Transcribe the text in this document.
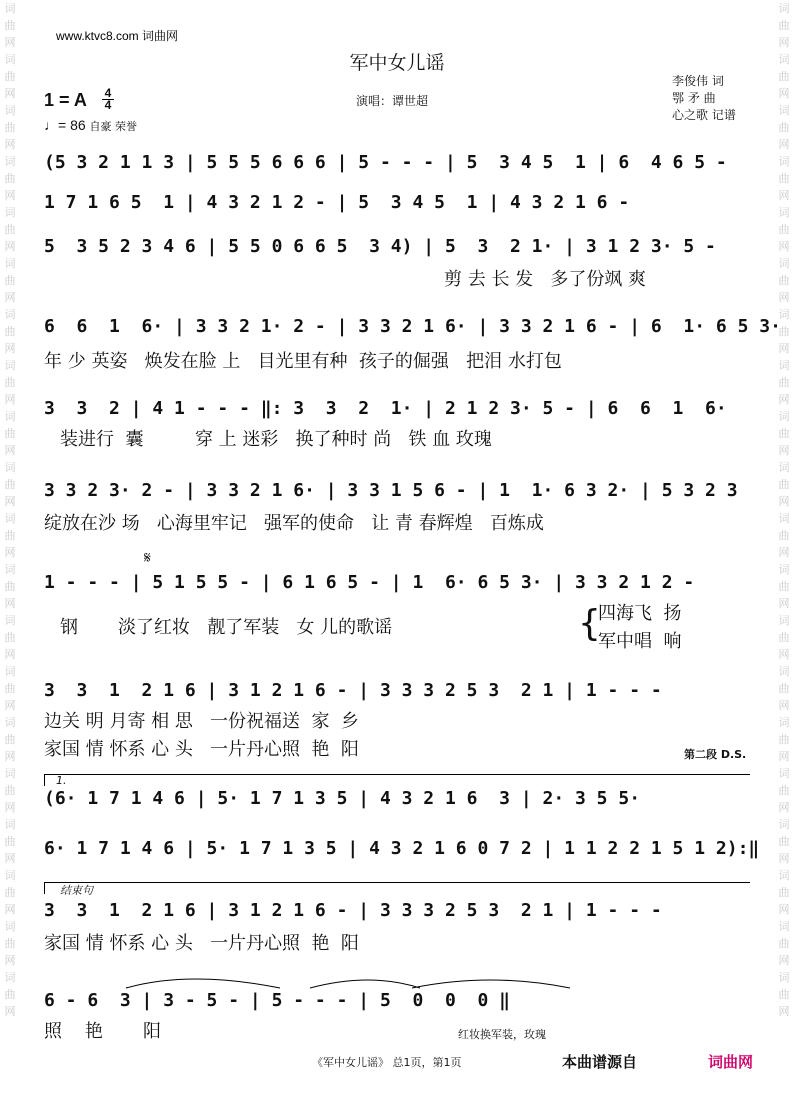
词曲网词曲网词曲网词曲网词曲网词曲网词曲网词曲网词曲网词曲网词曲网词曲网词曲网词曲网词曲网词曲网词曲网词曲网词曲网词曲网
词曲网词曲网词曲网词曲网词曲网词曲网词曲网词曲网词曲网词曲网词曲网词曲网词曲网词曲网词曲网词曲网词曲网词曲网词曲网词曲网
www.ktvc8.com 词曲网
军中女儿谣
李俊伟 词
鄂 矛 曲
心之歌 记谱
1 = A	4
4	演唱：谭世超
♩= 86 自豪 荣誉
(5 3 2 1 1 3 | 5 5 5 6 6 6 | 5 - - - | 5  3 4 5  1 | 6  4 6 5 -
1 7 1 6 5  1 | 4 3 2 1 2 - | 5  3 4 5  1 | 4 3 2 1 6 -
5  3 5 2 3 4 6 | 5 5 0 6 6 5  3 4) | 5  3  2 1· | 3 1 2 3· 5 -
剪 去 长 发   多了份飒 爽
6  6  1  6· | 3 3 2 1· 2 - | 3 3 2 1 6· | 3 3 2 1 6 - | 6  1· 6 5 3·
年 少 英姿   焕发在脸 上   目光里有种  孩子的倔强   把泪 水打包
3  3  2 | 4 1 - - - ‖: 3  3  2  1· | 2 1 2 3· 5 - | 6  6  1  6·
装进行  囊         穿 上 迷彩   换了种时 尚   铁 血 玫瑰
3 3 2 3· 2 - | 3 3 2 1 6· | 3 3 1 5 6 - | 1  1· 6 3 2· | 5 3 2 3
绽放在沙 场   心海里牢记   强军的使命   让 青 春辉煌   百炼成
𝄋
1 - - - | 5 1 5 5 - | 6 1 6 5 - | 1  6· 6 5 3· | 3 3 2 1 2 -
钢       淡了红妆   靓了军装   女 儿的歌谣	{
四海飞  扬
军中唱  响
3  3  1  2 1 6 | 3 1 2 1 6 - | 3 3 3 2 5 3  2 1 | 1 - - -
边关 明 月寄 相 思   一份祝福送  家  乡
家国 情 怀系 心 头   一片丹心照  艳  阳	第二段 D.S.
1.
(6· 1 7 1 4 6 | 5· 1 7 1 3 5 | 4 3 2 1 6  3 | 2· 3 5 5·
6· 1 7 1 4 6 | 5· 1 7 1 3 5 | 4 3 2 1 6 0 7 2 | 1 1 2 2 1 5 1 2):‖
结束句
3  3  1  2 1 6 | 3 1 2 1 6 - | 3 3 3 2 5 3  2 1 | 1 - - -
家国 情 怀系 心 头   一片丹心照  艳  阳
6 - 6  3 | 3 - 5 - | 5 - - - | 5  0  0  0 ‖
照    艳       阳	红妆换军装，玫瑰
《军中女儿谣》 总1页，第1页	本曲谱源自	词曲网
